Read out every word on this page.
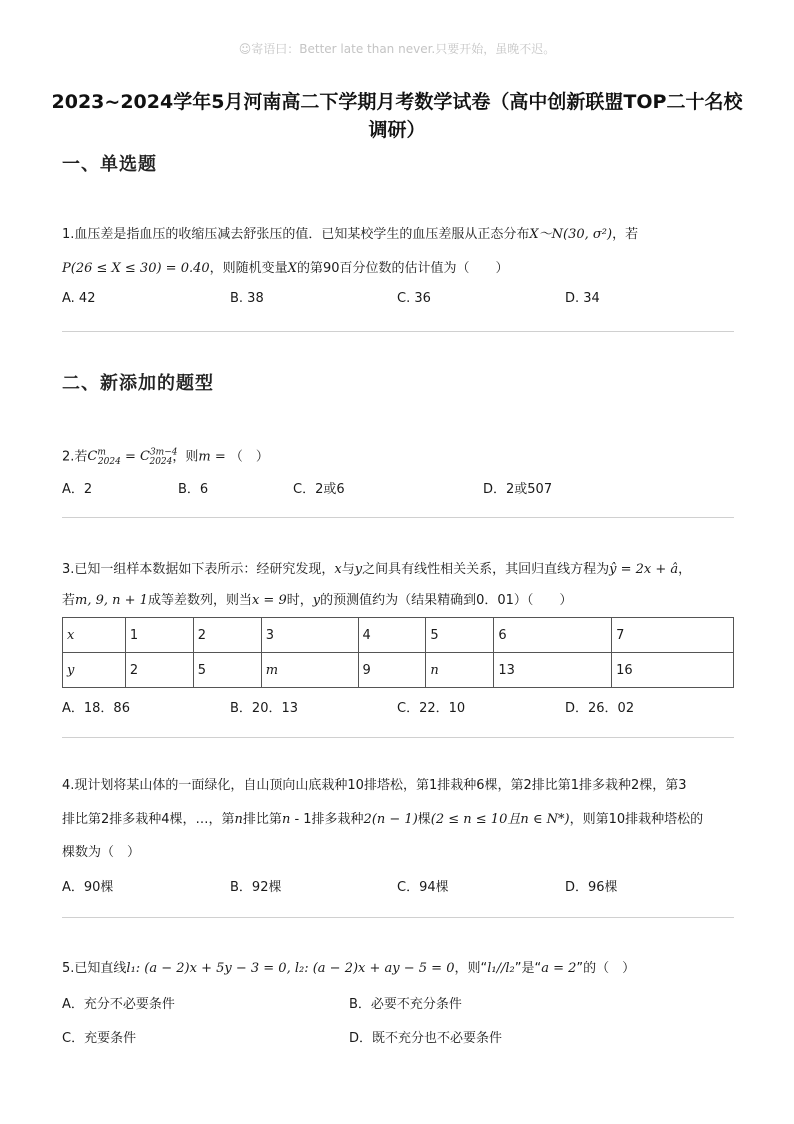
☺寄语曰：Better late than never.只要开始，虽晚不迟。
2023~2024学年5月河南高二下学期月考数学试卷（高中创新联盟TOP二十名校
调研）
一、单选题
1.血压差是指血压的收缩压减去舒张压的值．已知某校学生的血压差服从正态分布X～N(30, σ²)，若
P(26 ≤ X ≤ 30) = 0.40，则随机变量X的第90百分位数的估计值为（　　）
A. 42	B. 38	C. 36	D. 34
二、新添加的题型
2.若$C^m_{2024} = C^{3m-4}_{2024}$，则m = （　）
A．2	B．6	C．2或6	D．2或507
3.已知一组样本数据如下表所示：经研究发现，x与y之间具有线性相关关系，其回归直线方程为ŷ = 2x + â，
若m, 9, n + 1成等差数列，则当x = 9时，y的预测值约为（结果精确到0．01）（　　）
x	1	2	3	4	5	6	7
y	2	5	m	9	n	13	16
A．18．86	B．20．13	C．22．10	D．26．02
4.现计划将某山体的一面绿化，自山顶向山底栽种10排塔松，第1排栽种6棵，第2排比第1排多栽种2棵，第3
排比第2排多栽种4棵，…，第n排比第n - 1排多栽种2(n − 1)棵(2 ≤ n ≤ 10且n ∈ N*)，则第10排栽种塔松的
棵数为（　）
A．90棵	B．92棵	C．94棵	D．96棵
5.已知直线l₁: (a − 2)x + 5y − 3 = 0, l₂: (a − 2)x + ay − 5 = 0，则“l₁//l₂”是“a = 2”的（　）
A．充分不必要条件	B．必要不充分条件
C．充要条件	D．既不充分也不必要条件
